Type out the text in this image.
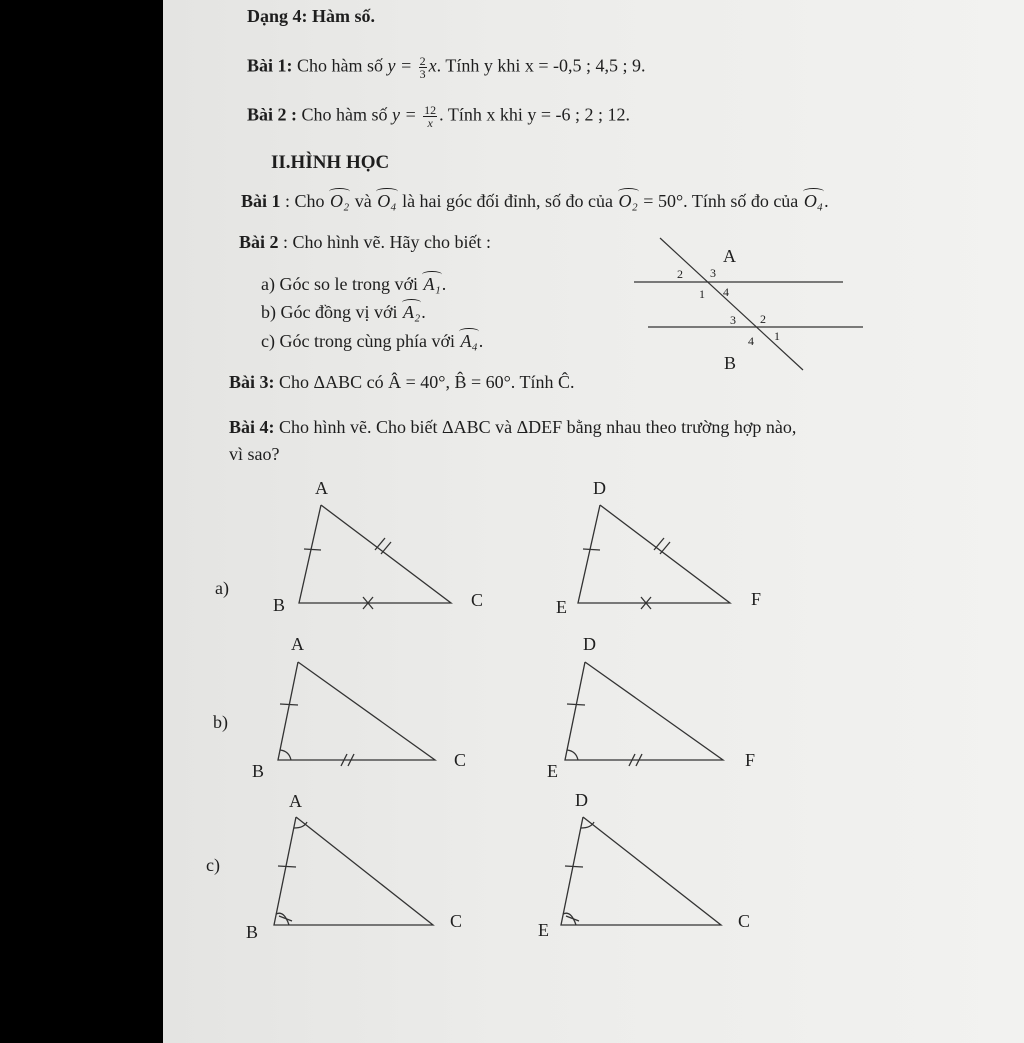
Dạng 4: Hàm số.
Bài 1: Cho hàm số $y = \frac{2}{3} x$. Tính y khi x = -0,5 ; 4,5 ; 9.
Bài 2 : Cho hàm số $y = \frac{12}{x}$ . Tính x khi y = -6 ; 2 ; 12.
II.HÌNH HỌC
Bài 1 : Cho O₂ và O₄ là hai góc đối đỉnh, số đo của O₂ = 50°. Tính số đo của O₄.
Bài 2 : Cho hình vẽ. Hãy cho biết :
a) Góc so le trong với A₁.
b) Góc đồng vị với A₂.
c) Góc trong cùng phía với A₄.
A
B
2 3
1 4
3 2
1
4
Bài 3: Cho ΔABC có Â = 40°, B̂ = 60°. Tính Ĉ.
Bài 4: Cho hình vẽ. Cho biết ΔABC và ΔDEF bằng nhau theo trường hợp nào,
vì sao?
a)
A
B	C
D
E	F
b)
A
B
C
D
E
F
c)
A
B
C
D
E	C
